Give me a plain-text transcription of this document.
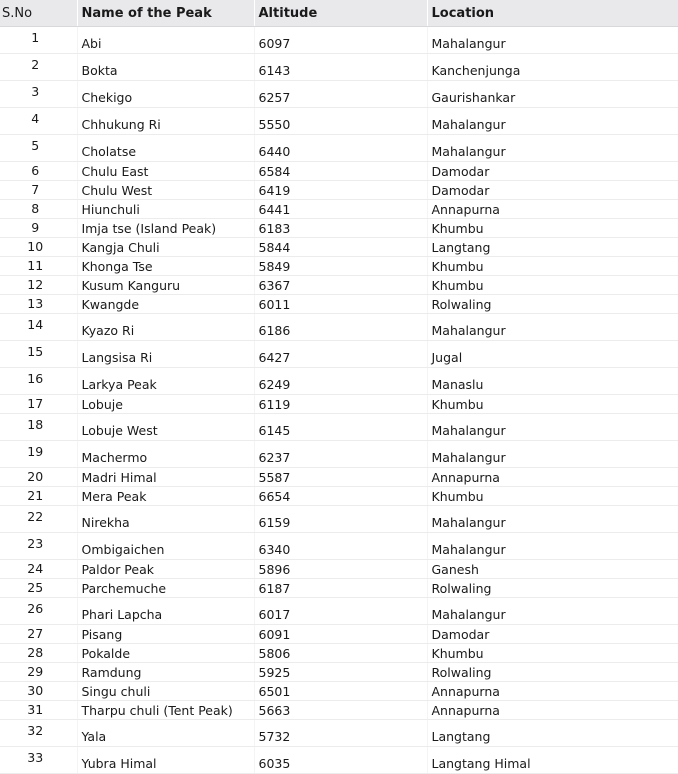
S.No	Name of the Peak	Altitude	Location
1	Abi	6097	Mahalangur
2	Bokta	6143	Kanchenjunga
3	Chekigo	6257	Gaurishankar
4	Chhukung Ri	5550	Mahalangur
5	Cholatse	6440	Mahalangur
6	Chulu East	6584	Damodar
7	Chulu West	6419	Damodar
8	Hiunchuli	6441	Annapurna
9	Imja tse (Island Peak)	6183	Khumbu
10	Kangja Chuli	5844	Langtang
11	Khonga Tse	5849	Khumbu
12	Kusum Kanguru	6367	Khumbu
13	Kwangde	6011	Rolwaling
14	Kyazo Ri	6186	Mahalangur
15	Langsisa Ri	6427	Jugal
16	Larkya Peak	6249	Manaslu
17	Lobuje	6119	Khumbu
18	Lobuje West	6145	Mahalangur
19	Machermo	6237	Mahalangur
20	Madri Himal	5587	Annapurna
21	Mera Peak	6654	Khumbu
22	Nirekha	6159	Mahalangur
23	Ombigaichen	6340	Mahalangur
24	Paldor Peak	5896	Ganesh
25	Parchemuche	6187	Rolwaling
26	Phari Lapcha	6017	Mahalangur
27	Pisang	6091	Damodar
28	Pokalde	5806	Khumbu
29	Ramdung	5925	Rolwaling
30	Singu chuli	6501	Annapurna
31	Tharpu chuli (Tent Peak)	5663	Annapurna
32	Yala	5732	Langtang
33	Yubra Himal	6035	Langtang Himal
